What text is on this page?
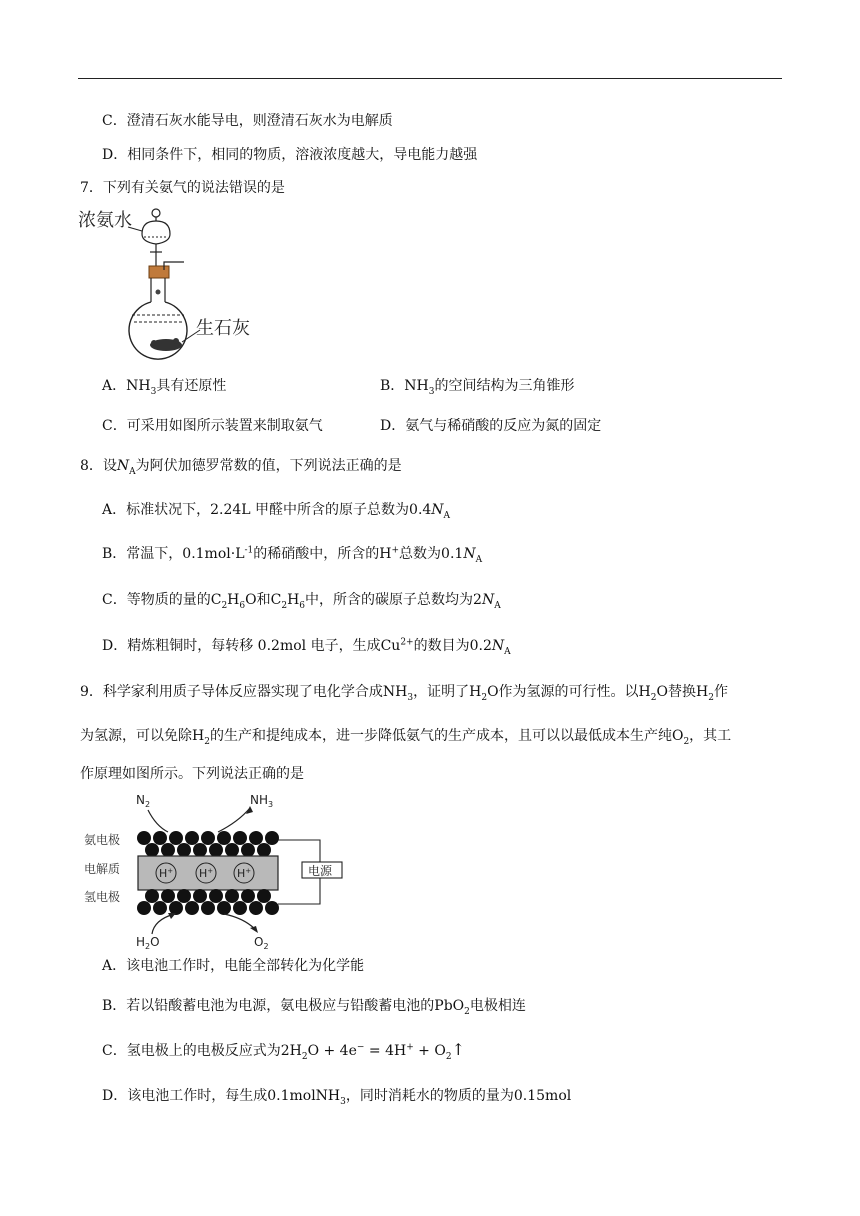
C．澄清石灰水能导电，则澄清石灰水为电解质
D．相同条件下，相同的物质，溶液浓度越大，导电能力越强
7．下列有关氨气的说法错误的是
浓氨水
生石灰
A．$NH_3$具有还原性	B．$NH_3$的空间结构为三角锥形
C．可采用如图所示装置来制取氨气	D．氨气与稀硝酸的反应为氮的固定
8．设$N_A$为阿伏加德罗常数的值，下列说法正确的是
A．标准状况下，2.24L 甲醛中所含的原子总数为$0.4N_A$
B．常温下，$0.1mol\cdot L^{-1}$的稀硝酸中，所含的H+总数为$0.1N_A$
C．等物质的量的$C_2H_6O$和$C_2H_6$中，所含的碳原子总数均为$2N_A$
D．精炼粗铜时，每转移 0.2mol 电子，生成$Cu^{2+}$的数目为$0.2N_A$
9．科学家利用质子导体反应器实现了电化学合成$NH_3$，证明了$H_2O$作为氢源的可行性。以$H_2O$替换$H_2$作
为氢源，可以免除$H_2$的生产和提纯成本，进一步降低氨气的生产成本，且可以以最低成本生产纯$O_2$，其工
作原理如图所示。下列说法正确的是
$N_2$	$NH_3$
氨电极
电解质
氢电极
H+ H+ H+	电源
$H_2O$	$O_2$
A．该电池工作时，电能全部转化为化学能
B．若以铅酸蓄电池为电源，氨电极应与铅酸蓄电池的PbO$_2$电极相连
C．氢电极上的电极反应式为$2H_2O + 4e^- = 4H^+$ + $O_2↑$
D．该电池工作时，每生成0.1molNH$_3$，同时消耗水的物质的量为0.15mol
